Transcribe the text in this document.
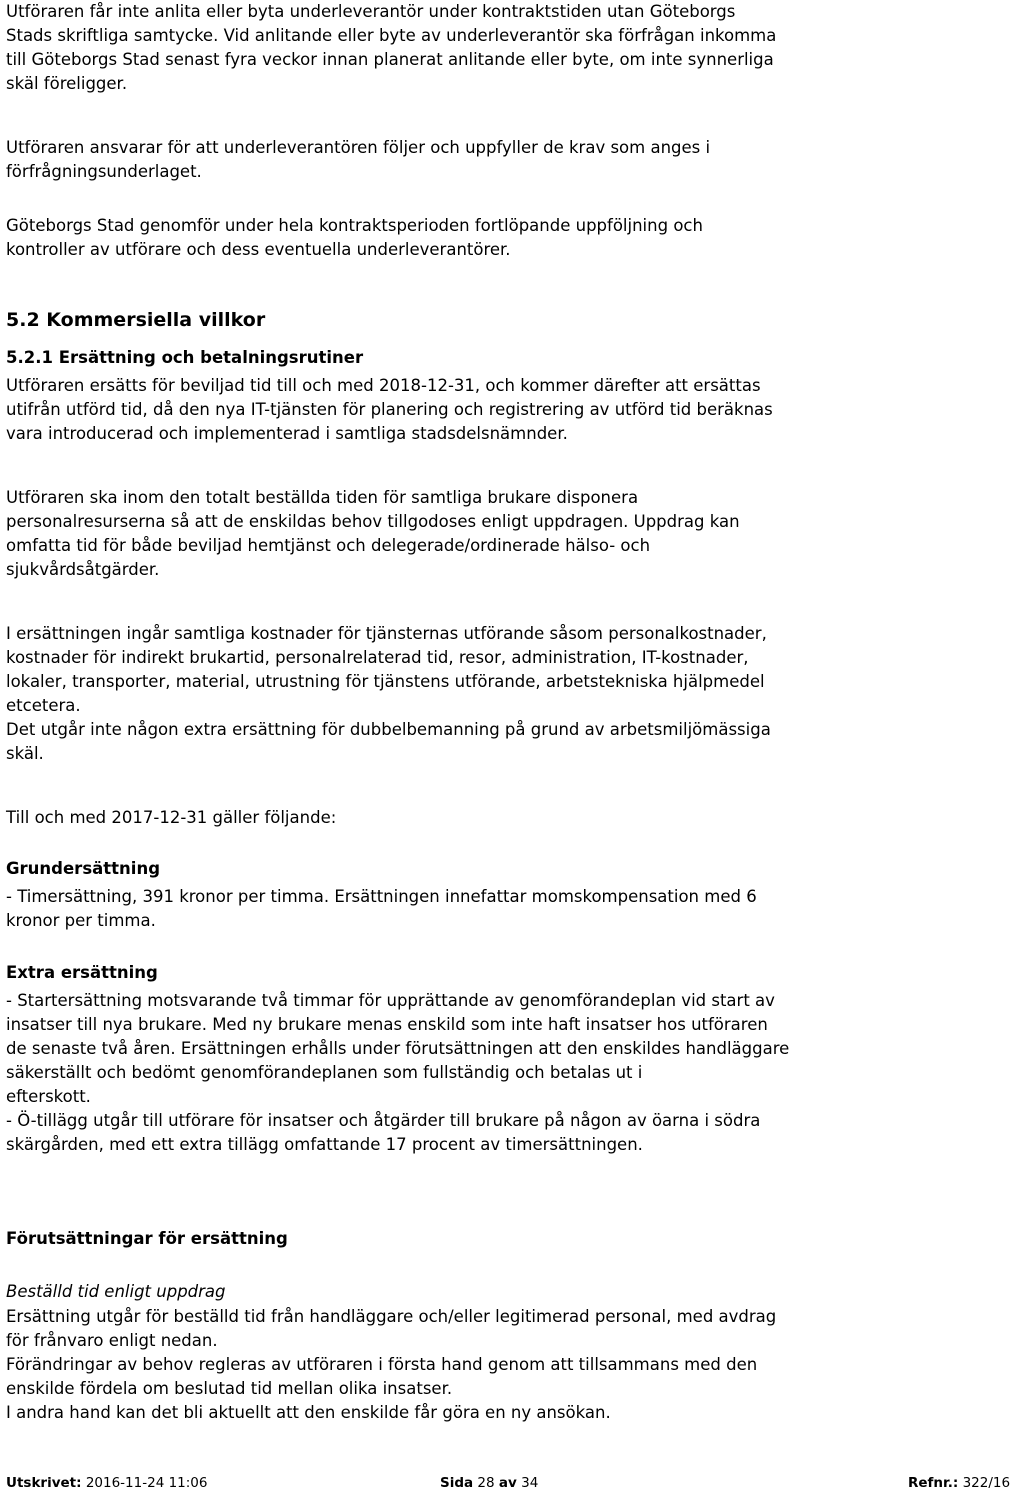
Utföraren får inte anlita eller byta underleverantör under kontraktstiden utan Göteborgs
Stads skriftliga samtycke. Vid anlitande eller byte av underleverantör ska förfrågan inkomma
till Göteborgs Stad senast fyra veckor innan planerat anlitande eller byte, om inte synnerliga
skäl föreligger.
Utföraren ansvarar för att underleverantören följer och uppfyller de krav som anges i
förfrågningsunderlaget.
Göteborgs Stad genomför under hela kontraktsperioden fortlöpande uppföljning och
kontroller av utförare och dess eventuella underleverantörer.
5.2 Kommersiella villkor
5.2.1 Ersättning och betalningsrutiner
Utföraren ersätts för beviljad tid till och med 2018-12-31, och kommer därefter att ersättas
utifrån utförd tid, då den nya IT-tjänsten för planering och registrering av utförd tid beräknas
vara introducerad och implementerad i samtliga stadsdelsnämnder.
Utföraren ska inom den totalt beställda tiden för samtliga brukare disponera
personalresurserna så att de enskildas behov tillgodoses enligt uppdragen. Uppdrag kan
omfatta tid för både beviljad hemtjänst och delegerade/ordinerade hälso- och
sjukvårdsåtgärder.
I ersättningen ingår samtliga kostnader för tjänsternas utförande såsom personalkostnader,
kostnader för indirekt brukartid, personalrelaterad tid, resor, administration, IT-kostnader,
lokaler, transporter, material, utrustning för tjänstens utförande, arbetstekniska hjälpmedel
etcetera.
Det utgår inte någon extra ersättning för dubbelbemanning på grund av arbetsmiljömässiga
skäl.
Till och med 2017-12-31 gäller följande:
Grundersättning
- Timersättning, 391 kronor per timma. Ersättningen innefattar momskompensation med 6
kronor per timma.
Extra ersättning
- Startersättning motsvarande två timmar för upprättande av genomförandeplan vid start av
insatser till nya brukare. Med ny brukare menas enskild som inte haft insatser hos utföraren
de senaste två åren. Ersättningen erhålls under förutsättningen att den enskildes handläggare
säkerställt och bedömt genomförandeplanen som fullständig och betalas ut i
efterskott.
- Ö-tillägg utgår till utförare för insatser och åtgärder till brukare på någon av öarna i södra
skärgården, med ett extra tillägg omfattande 17 procent av timersättningen.
Förutsättningar för ersättning
Beställd tid enligt uppdrag
Ersättning utgår för beställd tid från handläggare och/eller legitimerad personal, med avdrag
för frånvaro enligt nedan.
Förändringar av behov regleras av utföraren i första hand genom att tillsammans med den
enskilde fördela om beslutad tid mellan olika insatser.
I andra hand kan det bli aktuellt att den enskilde får göra en ny ansökan.
Utskrivet: 2016-11-24 11:06	Sida 28 av 34	Refnr.: 322/16
